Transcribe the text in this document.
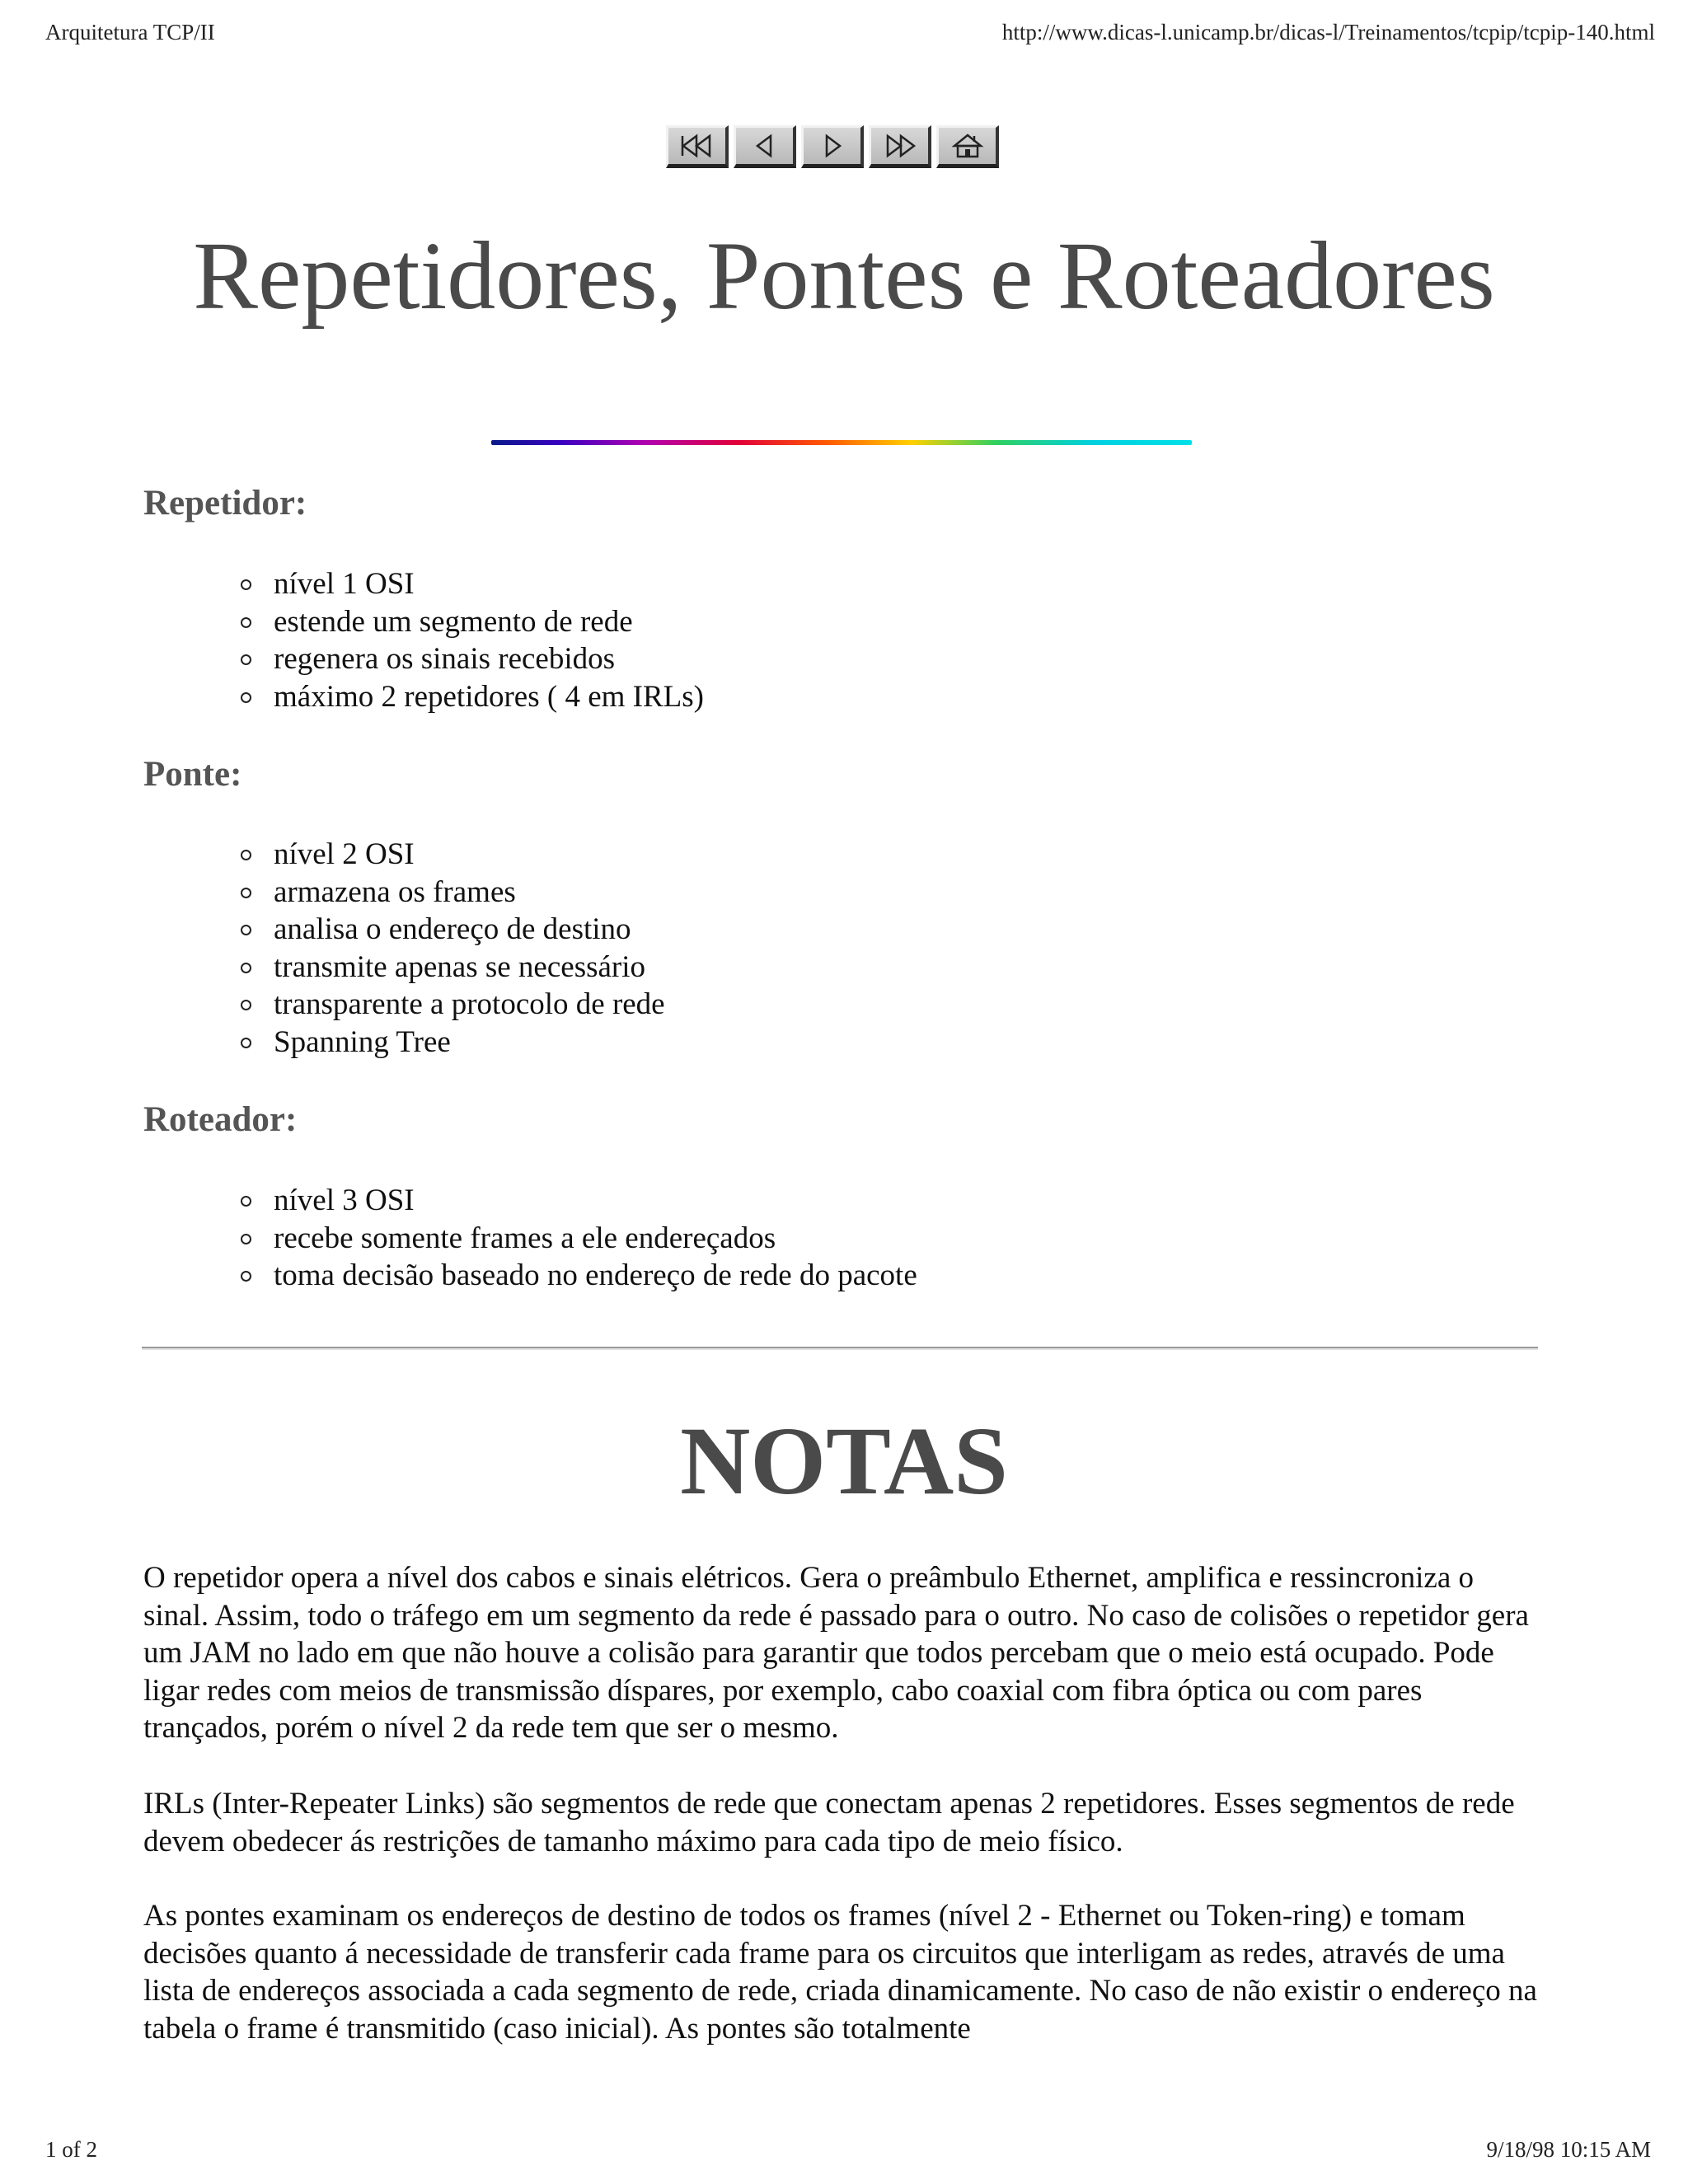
Arquitetura TCP/II	http://www.dicas-l.unicamp.br/dicas-l/Treinamentos/tcpip/tcpip-140.html
Repetidores, Pontes e Roteadores
Repetidor:
nível 1 OSI
estende um segmento de rede
regenera os sinais recebidos
máximo 2 repetidores ( 4 em IRLs)
Ponte:
nível 2 OSI
armazena os frames
analisa o endereço de destino
transmite apenas se necessário
transparente a protocolo de rede
Spanning Tree
Roteador:
nível 3 OSI
recebe somente frames a ele endereçados
toma decisão baseado no endereço de rede do pacote
NOTAS

O repetidor opera a nível dos cabos e sinais elétricos. Gera o preâmbulo Ethernet, amplifica e ressincroniza o sinal. Assim, todo o tráfego em um segmento da rede é passado para o outro. No caso de colisões o repetidor gera um JAM no lado em que não houve a colisão para garantir que todos percebam que o meio está ocupado. Pode ligar redes com meios de transmissão díspares, por exemplo, cabo coaxial com fibra óptica ou com pares trançados, porém o nível 2 da rede tem que ser o mesmo.

IRLs (Inter-Repeater Links) são segmentos de rede que conectam apenas 2 repetidores. Esses segmentos de rede devem obedecer ás restrições de tamanho máximo para cada tipo de meio físico.

As pontes examinam os endereços de destino de todos os frames (nível 2 - Ethernet ou Token-ring) e tomam decisões quanto á necessidade de transferir cada frame para os circuitos que interligam as redes, através de uma lista de endereços associada a cada segmento de rede, criada dinamicamente. No caso de não existir o endereço na tabela o frame é transmitido (caso inicial). As pontes são totalmente

1 of 2	9/18/98 10:15 AM
